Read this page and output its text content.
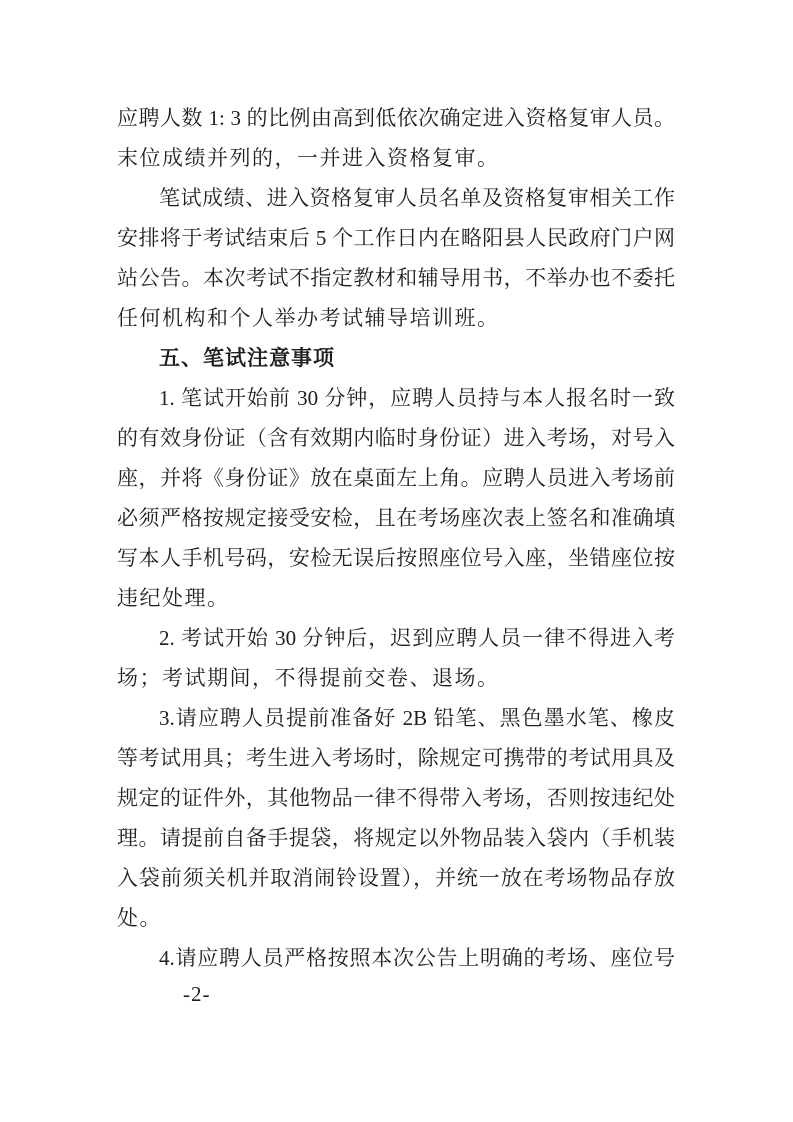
应聘人数 1: 3 的比例由高到低依次确定进入资格复审人员。
末位成绩并列的，一并进入资格复审。
笔试成绩、进入资格复审人员名单及资格复审相关工作
安排将于考试结束后 5 个工作日内在略阳县人民政府门户网
站公告。本次考试不指定教材和辅导用书，不举办也不委托
任何机构和个人举办考试辅导培训班。
五、笔试注意事项
1. 笔试开始前 30 分钟，应聘人员持与本人报名时一致
的有效身份证（含有效期内临时身份证）进入考场，对号入
座，并将《身份证》放在桌面左上角。应聘人员进入考场前
必须严格按规定接受安检，且在考场座次表上签名和准确填
写本人手机号码，安检无误后按照座位号入座，坐错座位按
违纪处理。
2. 考试开始 30 分钟后，迟到应聘人员一律不得进入考
场；考试期间，不得提前交卷、退场。
3.请应聘人员提前准备好 2B 铅笔、黑色墨水笔、橡皮
等考试用具；考生进入考场时，除规定可携带的考试用具及
规定的证件外，其他物品一律不得带入考场，否则按违纪处
理。请提前自备手提袋，将规定以外物品装入袋内（手机装
入袋前须关机并取消闹铃设置），并统一放在考场物品存放
处。
4.请应聘人员严格按照本次公告上明确的考场、座位号
-2-
